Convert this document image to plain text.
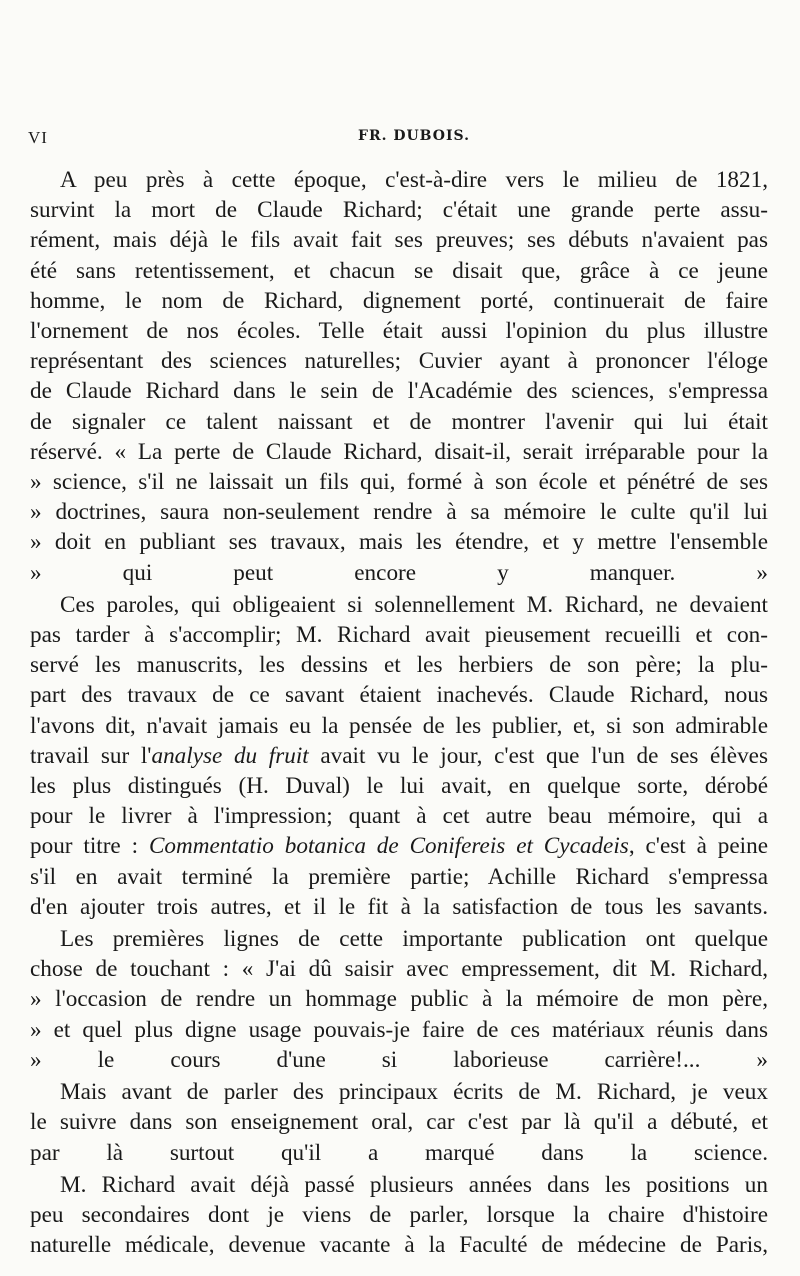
VI	FR. DUBOIS.

A peu près à cette époque, c'est-à-dire vers le milieu de 1821,
survint la mort de Claude Richard; c'était une grande perte assu-
rément, mais déjà le fils avait fait ses preuves; ses débuts n'avaient pas
été sans retentissement, et chacun se disait que, grâce à ce jeune
homme, le nom de Richard, dignement porté, continuerait de faire
l'ornement de nos écoles. Telle était aussi l'opinion du plus illustre
représentant des sciences naturelles; Cuvier ayant à prononcer l'éloge
de Claude Richard dans le sein de l'Académie des sciences, s'empressa
de signaler ce talent naissant et de montrer l'avenir qui lui était
réservé. « La perte de Claude Richard, disait-il, serait irréparable pour la
» science, s'il ne laissait un fils qui, formé à son école et pénétré de ses
» doctrines, saura non-seulement rendre à sa mémoire le culte qu'il lui
» doit en publiant ses travaux, mais les étendre, et y mettre l'ensemble
» qui peut encore y manquer. »

Ces paroles, qui obligeaient si solennellement M. Richard, ne devaient
pas tarder à s'accomplir; M. Richard avait pieusement recueilli et con-
servé les manuscrits, les dessins et les herbiers de son père; la plu-
part des travaux de ce savant étaient inachevés. Claude Richard, nous
l'avons dit, n'avait jamais eu la pensée de les publier, et, si son admirable
travail sur l'analyse du fruit avait vu le jour, c'est que l'un de ses élèves
les plus distingués (H. Duval) le lui avait, en quelque sorte, dérobé
pour le livrer à l'impression; quant à cet autre beau mémoire, qui a
pour titre : Commentatio botanica de Conifereis et Cycadeis, c'est à peine
s'il en avait terminé la première partie; Achille Richard s'empressa
d'en ajouter trois autres, et il le fit à la satisfaction de tous les savants.

Les premières lignes de cette importante publication ont quelque
chose de touchant : « J'ai dû saisir avec empressement, dit M. Richard,
» l'occasion de rendre un hommage public à la mémoire de mon père,
» et quel plus digne usage pouvais-je faire de ces matériaux réunis dans
» le cours d'une si laborieuse carrière!... »

Mais avant de parler des principaux écrits de M. Richard, je veux
le suivre dans son enseignement oral, car c'est par là qu'il a débuté, et
par là surtout qu'il a marqué dans la science.

M. Richard avait déjà passé plusieurs années dans les positions un
peu secondaires dont je viens de parler, lorsque la chaire d'histoire
naturelle médicale, devenue vacante à la Faculté de médecine de Paris,
